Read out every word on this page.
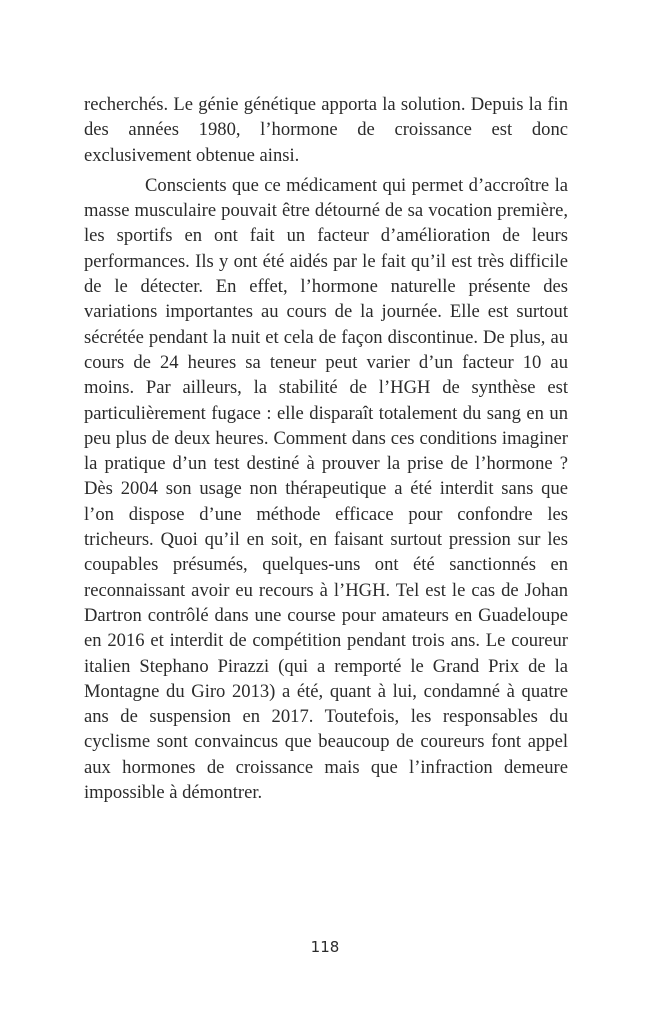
recherchés. Le génie génétique apporta la solution. Depuis la fin des années 1980, l’hormone de croissance est donc exclusivement obtenue ainsi.

Conscients que ce médicament qui permet d’accroître la masse musculaire pouvait être détourné de sa vocation première, les sportifs en ont fait un facteur d’amélioration de leurs performances. Ils y ont été aidés par le fait qu’il est très difficile de le détecter. En effet, l’hormone naturelle présente des variations importantes au cours de la journée. Elle est surtout sécrétée pendant la nuit et cela de façon discontinue. De plus, au cours de 24 heures sa teneur peut varier d’un facteur 10 au moins. Par ailleurs, la stabilité de l’HGH de synthèse est particulièrement fugace : elle disparaît totalement du sang en un peu plus de deux heures. Comment dans ces conditions imaginer la pratique d’un test destiné à prouver la prise de l’hormone ? Dès 2004 son usage non thérapeutique a été interdit sans que l’on dispose d’une méthode efficace pour confondre les tricheurs. Quoi qu’il en soit, en faisant surtout pression sur les coupables présumés, quelques-uns ont été sanctionnés en reconnaissant avoir eu recours à l’HGH. Tel est le cas de Johan Dartron contrôlé dans une course pour amateurs en Guadeloupe en 2016 et interdit de compétition pendant trois ans. Le coureur italien Stephano Pirazzi (qui a remporté le Grand Prix de la Montagne du Giro 2013) a été, quant à lui, condamné à quatre ans de suspension en 2017. Toutefois, les responsables du cyclisme sont convaincus que beaucoup de coureurs font appel aux hormones de croissance mais que l’infraction demeure impossible à démontrer.

118
